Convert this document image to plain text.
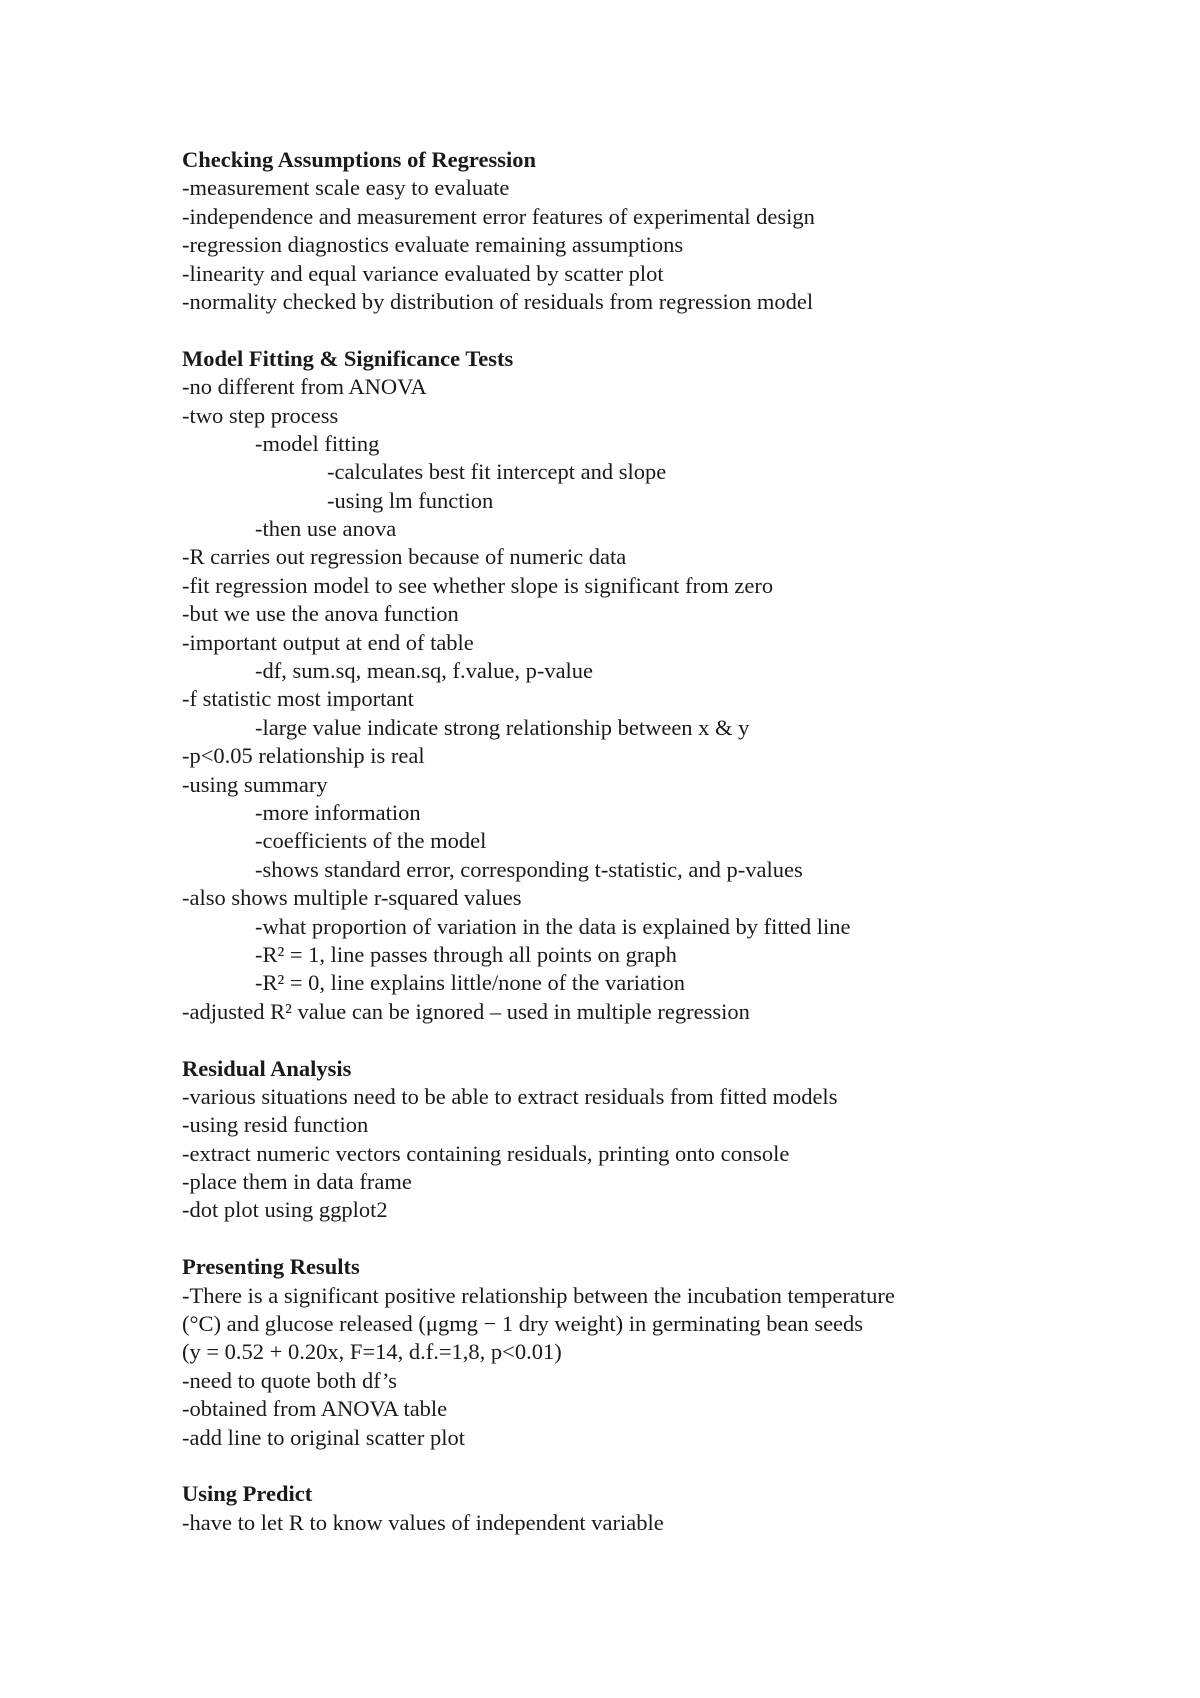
Checking Assumptions of Regression
-measurement scale easy to evaluate
-independence and measurement error features of experimental design
-regression diagnostics evaluate remaining assumptions
-linearity and equal variance evaluated by scatter plot
-normality checked by distribution of residuals from regression model
Model Fitting & Significance Tests
-no different from ANOVA
-two step process
-model fitting
-calculates best fit intercept and slope
-using lm function
-then use anova
-R carries out regression because of numeric data
-fit regression model to see whether slope is significant from zero
-but we use the anova function
-important output at end of table
-df, sum.sq, mean.sq, f.value, p-value
-f statistic most important
-large value indicate strong relationship between x & y
-p<0.05 relationship is real
-using summary
-more information
-coefficients of the model
-shows standard error, corresponding t-statistic, and p-values
-also shows multiple r-squared values
-what proportion of variation in the data is explained by fitted line
-R² = 1, line passes through all points on graph
-R² = 0, line explains little/none of the variation
-adjusted R² value can be ignored – used in multiple regression
Residual Analysis
-various situations need to be able to extract residuals from fitted models
-using resid function
-extract numeric vectors containing residuals, printing onto console
-place them in data frame
-dot plot using ggplot2
Presenting Results
-There is a significant positive relationship between the incubation temperature
(°C) and glucose released (μgmg − 1 dry weight) in germinating bean seeds
(y = 0.52 + 0.20x, F=14, d.f.=1,8, p<0.01)
-need to quote both df’s
-obtained from ANOVA table
-add line to original scatter plot
Using Predict
-have to let R to know values of independent variable
